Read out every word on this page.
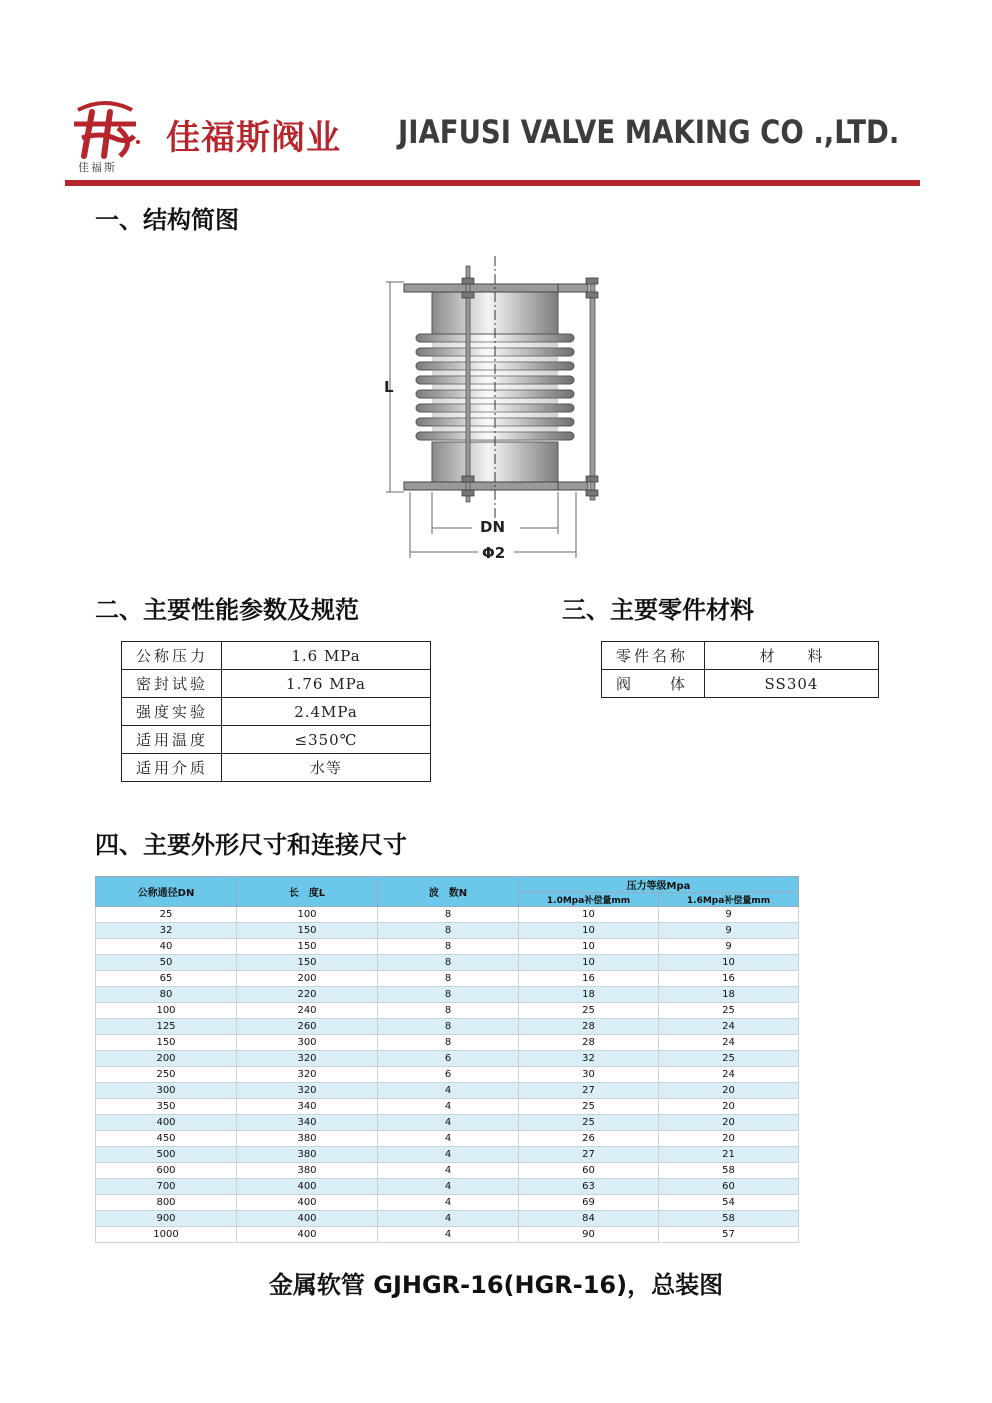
佳福斯
佳福斯阀业 JIAFUSI VALVE MAKING CO .,LTD.
一、结构简图
L
DN
Φ2
二、主要性能参数及规范	三、主要零件材料
公称压力	1.6 MPa
密封试验	1.76 MPa
强度实验	2.4MPa
适用温度	≤350℃
适用介质	水等
零件名称	材　　料
阀　　体	SS304
四、主要外形尺寸和连接尺寸
公称通径DN	长　度L	波　数N	压力等级Mpa	
			1.0Mpa补偿量mm	1.6Mpa补偿量mm
25	100	8	10	9
32	150	8	10	9
40	150	8	10	9
50	150	8	10	10
65	200	8	16	16
80	220	8	18	18
100	240	8	25	25
125	260	8	28	24
150	300	8	28	24
200	320	6	32	25
250	320	6	30	24
300	320	4	27	20
350	340	4	25	20
400	340	4	25	20
450	380	4	26	20
500	380	4	27	21
600	380	4	60	58
700	400	4	63	60
800	400	4	69	54
900	400	4	84	58
1000	400	4	90	57
金属软管 GJHGR-16(HGR-16)，总装图
